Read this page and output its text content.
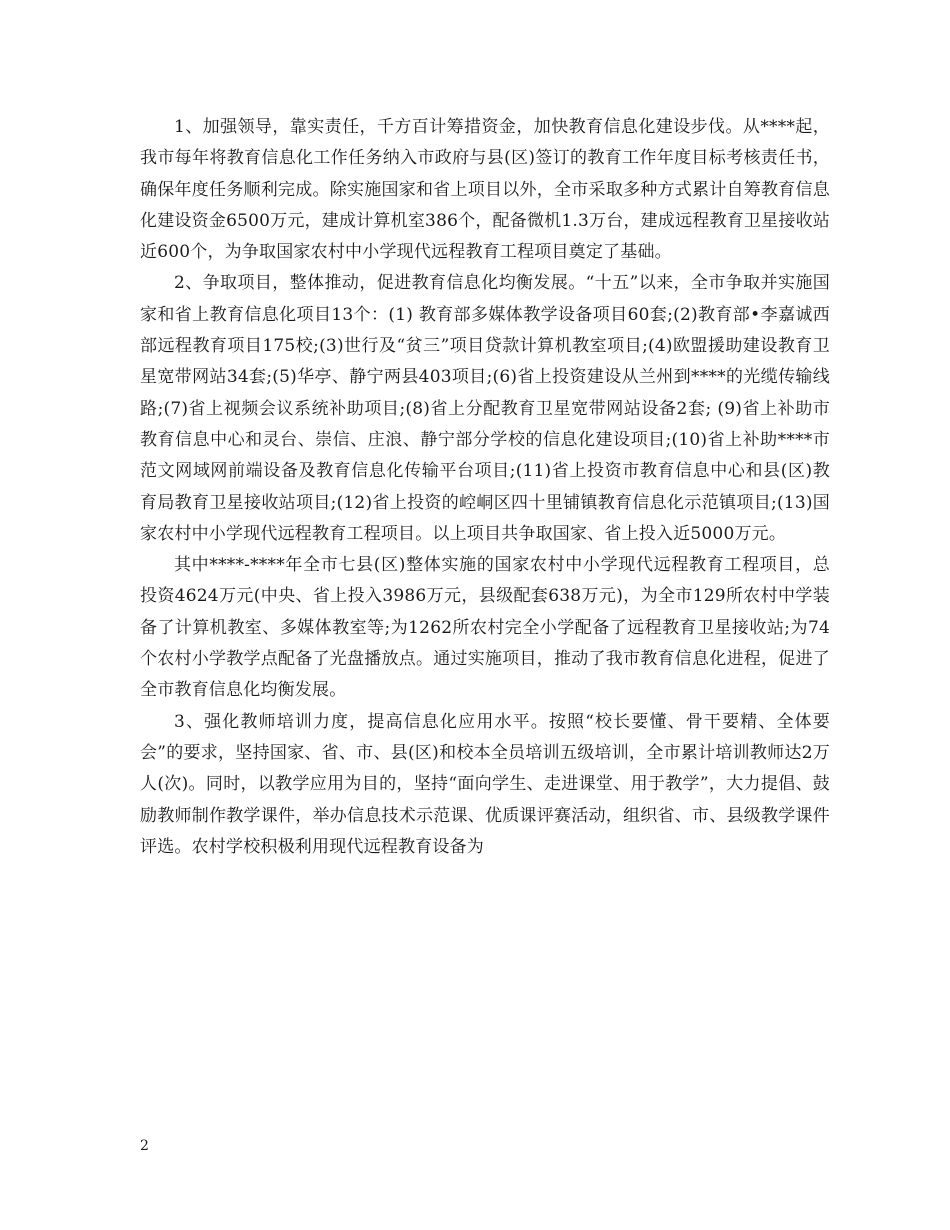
1、加强领导，靠实责任，千方百计筹措资金，加快教育信息化建设步伐。从****起，我市每年将教育信息化工作任务纳入市政府与县(区)签订的教育工作年度目标考核责任书，确保年度任务顺利完成。除实施国家和省上项目以外，全市采取多种方式累计自筹教育信息化建设资金6500万元，建成计算机室386个，配备微机1.3万台，建成远程教育卫星接收站近600个，为争取国家农村中小学现代远程教育工程项目奠定了基础。

2、争取项目，整体推动，促进教育信息化均衡发展。“十五”以来，全市争取并实施国家和省上教育信息化项目13个：(1) 教育部多媒体教学设备项目60套;(2)教育部•李嘉诚西部远程教育项目175校;(3)世行及“贫三”项目贷款计算机教室项目;(4)欧盟援助建设教育卫星宽带网站34套;(5)华亭、静宁两县403项目;(6)省上投资建设从兰州到****的光缆传输线路;(7)省上视频会议系统补助项目;(8)省上分配教育卫星宽带网站设备2套; (9)省上补助市教育信息中心和灵台、崇信、庄浪、静宁部分学校的信息化建设项目;(10)省上补助****市范文网域网前端设备及教育信息化传输平台项目;(11)省上投资市教育信息中心和县(区)教育局教育卫星接收站项目;(12)省上投资的崆峒区四十里铺镇教育信息化示范镇项目;(13)国家农村中小学现代远程教育工程项目。以上项目共争取国家、省上投入近5000万元。

其中****-****年全市七县(区)整体实施的国家农村中小学现代远程教育工程项目，总投资4624万元(中央、省上投入3986万元，县级配套638万元)，为全市129所农村中学装备了计算机教室、多媒体教室等;为1262所农村完全小学配备了远程教育卫星接收站;为74个农村小学教学点配备了光盘播放点。通过实施项目，推动了我市教育信息化进程，促进了全市教育信息化均衡发展。

3、强化教师培训力度，提高信息化应用水平。按照“校长要懂、骨干要精、全体要会”的要求，坚持国家、省、市、县(区)和校本全员培训五级培训，全市累计培训教师达2万人(次)。同时，以教学应用为目的，坚持“面向学生、走进课堂、用于教学”，大力提倡、鼓励教师制作教学课件，举办信息技术示范课、优质课评赛活动，组织省、市、县级教学课件评选。农村学校积极利用现代远程教育设备为

2
